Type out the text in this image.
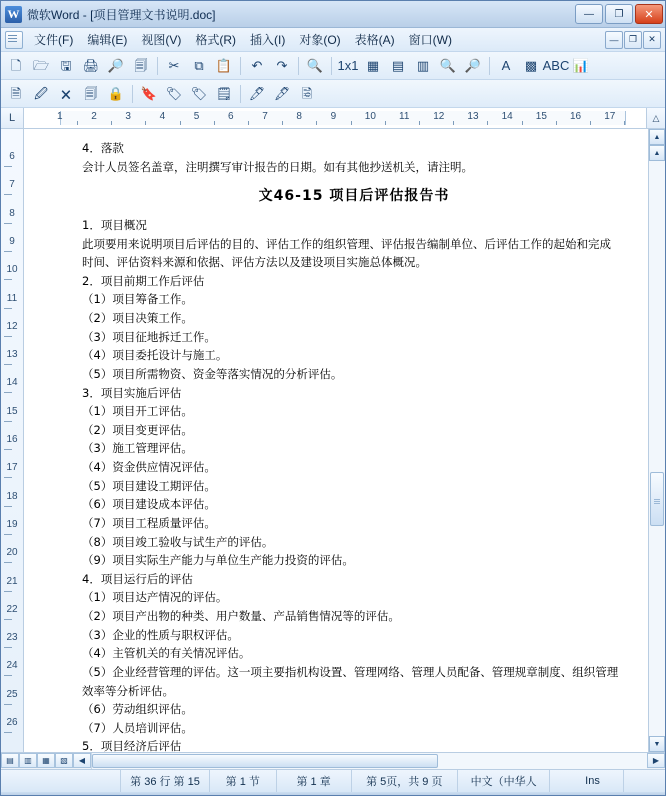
W 微软Word - [项目管理文书说明.doc]	—	❐	✕
文件(F)	编辑(E)	视图(V)	格式(R)	插入(I)	对象(O)	表格(A)	窗口(W)	—	❐	✕
🗋 🗁 🖫 🖨 🔎 🗐 ✂ ⧉ 📋 ↶ ↷ 🔍 1x1 ▦ ▤ ▥ 🔍 🔎 A ▩ ABC 📊
🗎 🖉 🗙 🗐 🔒 🔖 🏷 🏷 🗒 🖊 🖋 🗟
L	1	2	3	4	5	6	7	8	9	10 11 12 13 14 15 16 17	△
6
7
8
9
10
11
12
13
14
15
16
17
18
19
20
21
22
23
24
25
26

4．落款

会计人员签名盖章，注明撰写审计报告的日期。如有其他抄送机关，请注明。

文46-15 项目后评估报告书

1．项目概况

此项要用来说明项目后评估的目的、评估工作的组织管理、评估报告编制单位、后评估工作的起始和完成

时间、评估资料来源和依据、评估方法以及建设项目实施总体概况。

2．项目前期工作后评估

（1）项目筹备工作。

（2）项目决策工作。

（3）项目征地拆迁工作。

（4）项目委托设计与施工。

（5）项目所需物资、资金等落实情况的分析评估。

3．项目实施后评估

（1）项目开工评估。

（2）项目变更评估。

（3）施工管理评估。

（4）资金供应情况评估。

（5）项目建设工期评估。

（6）项目建设成本评估。

（7）项目工程质量评估。

（8）项目竣工验收与试生产的评估。

（9）项目实际生产能力与单位生产能力投资的评估。

4．项目运行后的评估

（1）项目达产情况的评估。

（2）项目产出物的种类、用户数量、产品销售情况等的评估。

（3）企业的性质与职权评估。

（4）主管机关的有关情况评估。

（5）企业经营管理的评估。这一项主要指机构设置、管理网络、管理人员配备、管理规章制度、组织管理

效率等分析评估。

（6）劳动组织评估。

（7）人员培训评估。

5．项目经济后评估

▲
▲
▼
▤	▥	▦	▧	◀	▶
第 36 行 第 15	第 1 节	第 1 章	第 5页，共 9 页	中文（中华人	Ins
